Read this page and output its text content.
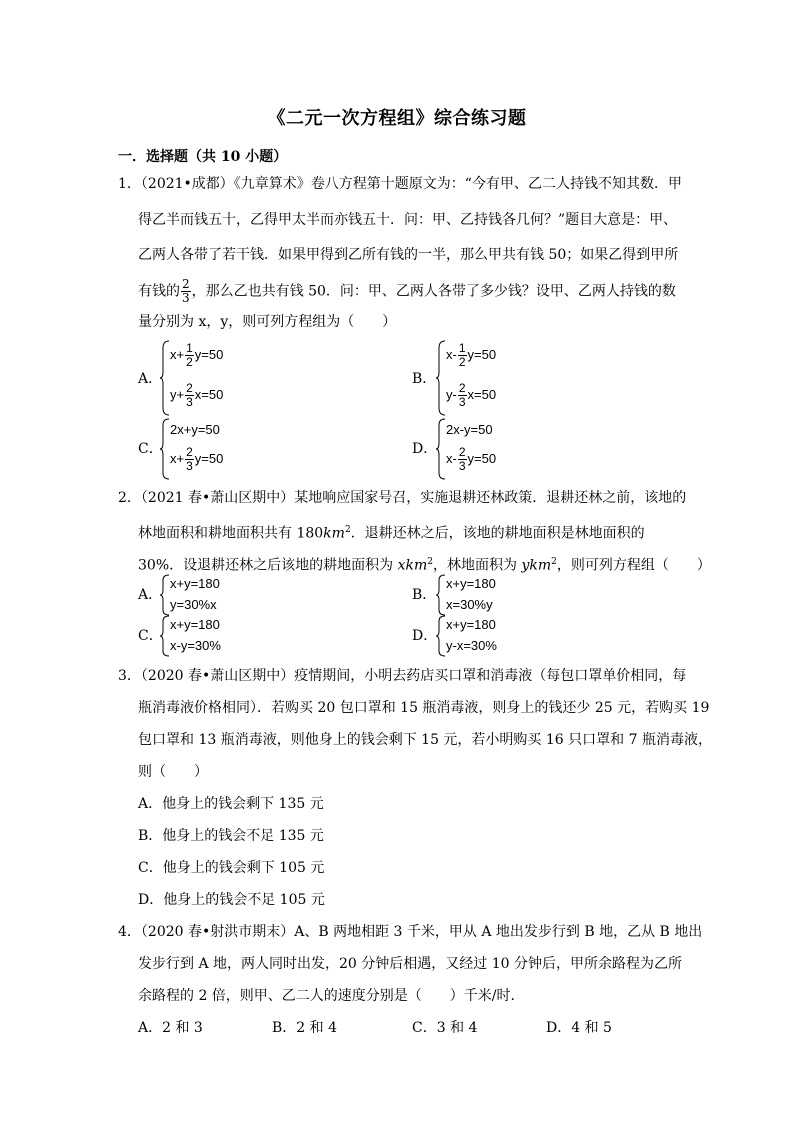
《二元一次方程组》综合练习题
一．选择题（共 10 小题）
1．（2021•成都）《九章算术》卷八方程第十题原文为：“今有甲、乙二人持钱不知其数．甲
得乙半而钱五十，乙得甲太半而亦钱五十．问：甲、乙持钱各几何？”题目大意是：甲、
乙两人各带了若干钱．如果甲得到乙所有钱的一半，那么甲共有钱 50；如果乙得到甲所
有钱的 $\frac{2}{3}$ ，那么乙也共有钱 50．问：甲、乙两人各带了多少钱？设甲、乙两人持钱的数
量分别为 x，y，则可列方程组为（　　）
A．
$x+ \frac{1}{2} y=50$
$y+ \frac{2}{3} x=50$
B．
$x- \frac{1}{2} y=50$
$y- \frac{2}{3} x=50$
C．
2x+y=50
$x+ \frac{2}{3} y=50$
D．
2x-y=50
$x- \frac{2}{3} y=50$
2．（2021 春•萧山区期中）某地响应国家号召，实施退耕还林政策．退耕还林之前，该地的
林地面积和耕地面积共有 $180km^2$．退耕还林之后，该地的耕地面积是林地面积的
30%．设退耕还林之后该地的耕地面积为 xkm$^2$，林地面积为 ykm$^2$，则可列方程组（　　）
A．
x+y=180
y=30%x
B．
x+y=180
x=30%y
C．
x+y=180
x-y=30%
D．
x+y=180
y-x=30%
3．（2020 春•萧山区期中）疫情期间，小明去药店买口罩和消毒液（每包口罩单价相同，每
瓶消毒液价格相同）．若购买 20 包口罩和 15 瓶消毒液，则身上的钱还少 25 元，若购买 19
包口罩和 13 瓶消毒液，则他身上的钱会剩下 15 元，若小明购买 16 只口罩和 7 瓶消毒液，
则（　　）
A．他身上的钱会剩下 135 元
B．他身上的钱会不足 135 元
C．他身上的钱会剩下 105 元
D．他身上的钱会不足 105 元
4．（2020 春•射洪市期末）A、B 两地相距 3 千米，甲从 A 地出发步行到 B 地，乙从 B 地出
发步行到 A 地，两人同时出发，20 分钟后相遇，又经过 10 分钟后，甲所余路程为乙所
余路程的 2 倍，则甲、乙二人的速度分别是（　　）千米/时．
A．2 和 3	B．2 和 4	C．3 和 4	D．4 和 5
